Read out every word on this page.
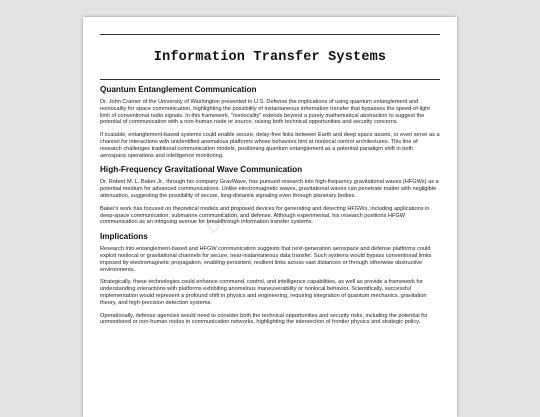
DRAFT
Information Transfer Systems
Quantum Entanglement Communication

Dr. John Cramer of the University of Washington presented to U.S. Defense the implications of using quantum entanglement and nonlocality for space communication, highlighting the possibility of instantaneous information transfer that bypasses the speed-of-light limit of conventional radio signals. In this framework, "nonlocality" extends beyond a purely mathematical abstraction to suggest the potential of communication with a non-human node or source, raising both technical opportunities and security concerns.

If scalable, entanglement-based systems could enable secure, delay-free links between Earth and deep space assets, or even serve as a channel for interactions with unidentified anomalous platforms whose behaviors hint at nonlocal control architectures. This line of research challenges traditional communication models, positioning quantum entanglement as a potential paradigm shift in both aerospace operations and intelligence monitoring.

High-Frequency Gravitational Wave Communication

Dr. Robert M. L. Baker Jr., through his company GravWave, has pursued research into high-frequency gravitational waves (HFGWs) as a potential medium for advanced communications. Unlike electromagnetic waves, gravitational waves can penetrate matter with negligible attenuation, suggesting the possibility of secure, long-distance signaling even through planetary bodies.

Baker's work has focused on theoretical models and proposed devices for generating and detecting HFGWs, including applications in deep-space communication, submarine communication, and defense. Although experimental, his research positions HFGW communication as an intriguing avenue for breakthrough information transfer systems.

Implications

Research into entanglement-based and HFGW communication suggests that next-generation aerospace and defense platforms could exploit nonlocal or gravitational channels for secure, near-instantaneous data transfer. Such systems would bypass conventional limits imposed by electromagnetic propagation, enabling persistent, resilient links across vast distances or through otherwise obstructive environments.

Strategically, these technologies could enhance command, control, and intelligence capabilities, as well as provide a framework for understanding interactions with platforms exhibiting anomalous maneuverability or nonlocal behavior. Scientifically, successful implementation would represent a profound shift in physics and engineering, requiring integration of quantum mechanics, gravitation theory, and high-precision detection systems.

Operationally, defense agencies would need to consider both the technical opportunities and security risks, including the potential for unmonitored or non-human nodes in communication networks, highlighting the intersection of frontier physics and strategic policy.
